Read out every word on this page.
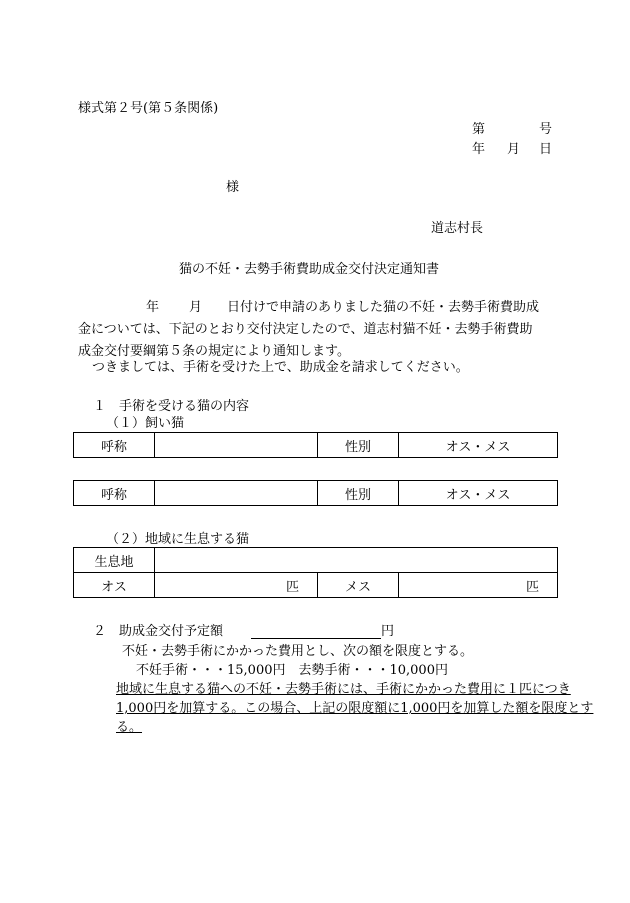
様式第２号(第５条関係)
第	号
年 月 日
様
道志村長
猫の不妊・去勢手術費助成金交付決定通知書
年 月 日付けで申請のありました猫の不妊・去勢手術費助成
金については、下記のとおり交付決定したので、道志村猫不妊・去勢手術費助
成金交付要綱第５条の規定により通知します。
つきましては、手術を受けた上で、助成金を請求してください。
１　手術を受ける猫の内容
（１）飼い猫
呼称		性別	オス・メス
呼称		性別	オス・メス
（２）地域に生息する猫
生息地			
オス	匹	メス	匹
２　助成金交付予定額	円
不妊・去勢手術にかかった費用とし、次の額を限度とする。
不妊手術・・・15,000円　去勢手術・・・10,000円
地域に生息する猫への不妊・去勢手術には、手術にかかった費用に１匹につき
1,000円を加算する。この場合、上記の限度額に1,000円を加算した額を限度とす
る。
